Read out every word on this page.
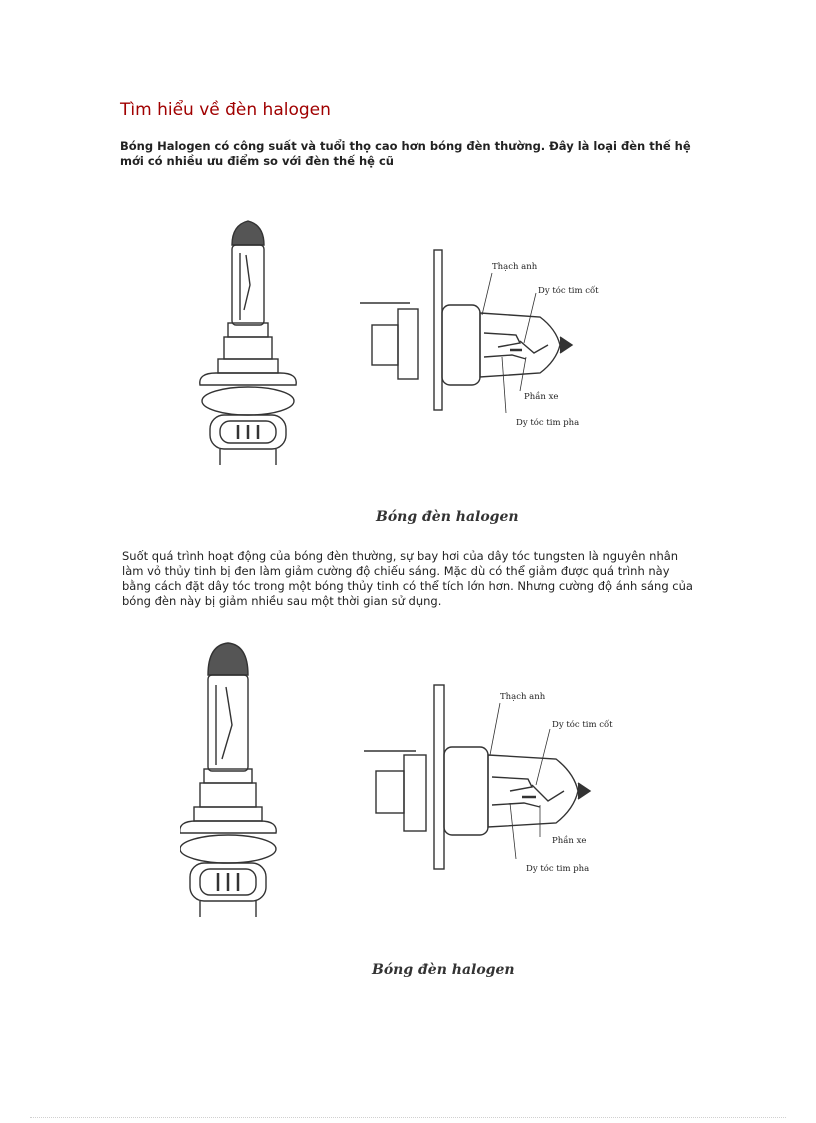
Tìm hiểu về đèn halogen
Bóng Halogen có công suất và tuổi thọ cao hơn bóng đèn thường. Đây là loại đèn thế hệ mới có nhiều ưu điểm so với đèn thế hệ cũ
Thạch anh
Dy tóc tim cốt
Phần xe
Dy tóc tim pha
Bóng đèn halogen
Suốt quá trình hoạt động của bóng đèn thường, sự bay hơi của dây tóc tungsten là nguyên nhân làm vỏ thủy tinh bị đen làm giảm cường độ chiếu sáng. Mặc dù có thể giảm được quá trình này bằng cách đặt dây tóc trong một bóng thủy tinh có thể tích lớn hơn. Nhưng cường độ ánh sáng của bóng đèn này bị giảm nhiều sau một thời gian sử dụng.
Thạch anh
Dy tóc tim cốt
Phần xe
Dy tóc tim pha
Bóng đèn halogen
